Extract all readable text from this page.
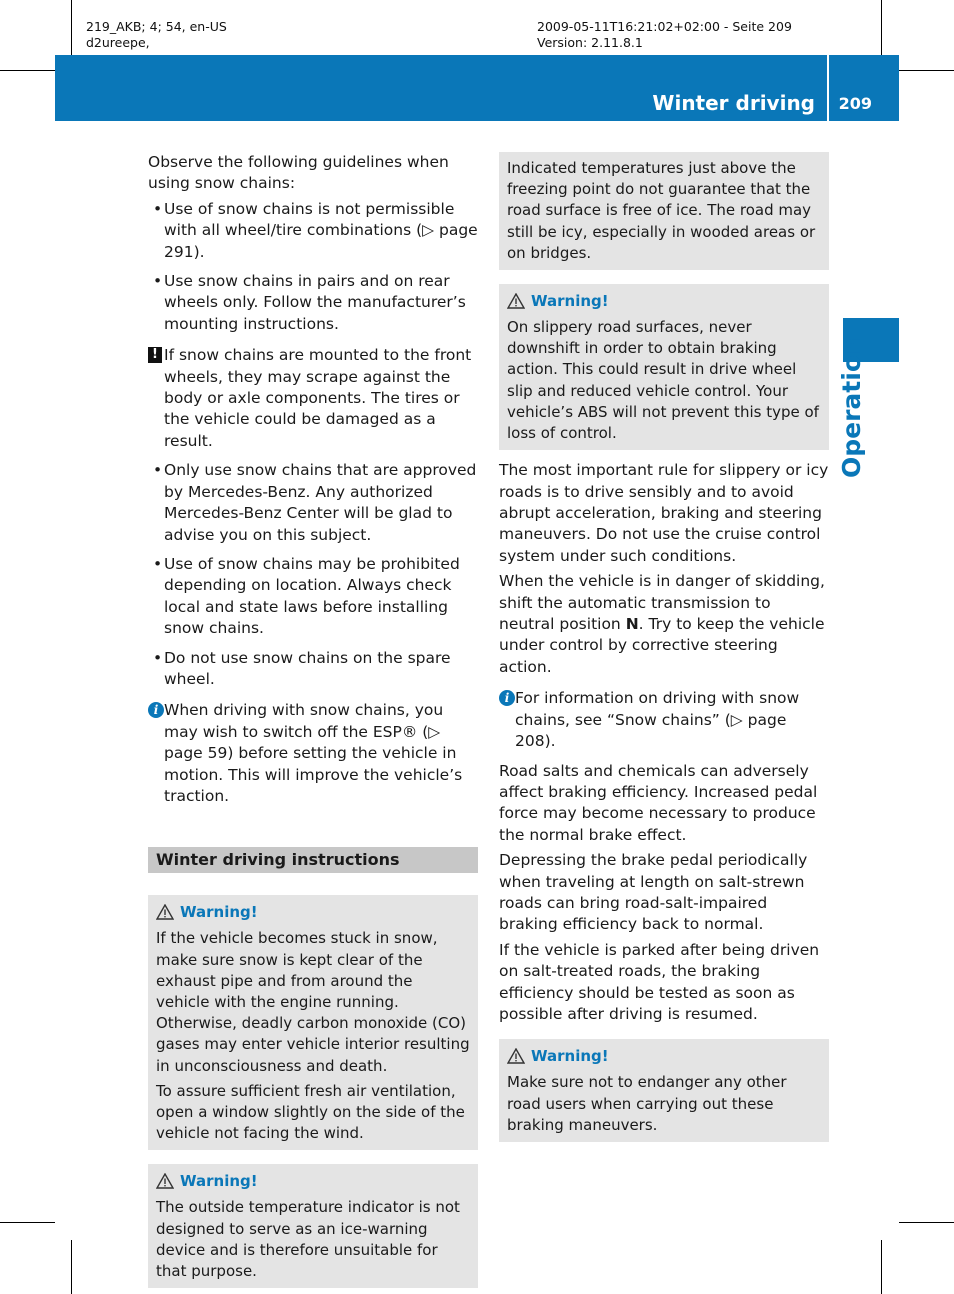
219_AKB; 4; 54, en-US
d2ureepe,
2009-05-11T16:21:02+02:00 - Seite 209
Version: 2.11.8.1
Winter driving 209
Operation

Observe the following guidelines when using snow chains:

• Use of snow chains is not permissible with all wheel/tire combinations (▷ page 291).
• Use snow chains in pairs and on rear wheels only. Follow the manufacturer’s mounting instructions.
! If snow chains are mounted to the front wheels, they may scrape against the body or axle components. The tires or the vehicle could be damaged as a result.
• Only use snow chains that are approved by Mercedes-Benz. Any authorized Mercedes-Benz Center will be glad to advise you on this subject.
• Use of snow chains may be prohibited depending on location. Always check local and state laws before installing snow chains.
• Do not use snow chains on the spare wheel.
i When driving with snow chains, you may wish to switch off the ESP® (▷ page 59) before setting the vehicle in motion. This will improve the vehicle’s traction.
Winter driving instructions
Warning!

If the vehicle becomes stuck in snow, make sure snow is kept clear of the exhaust pipe and from around the vehicle with the engine running. Otherwise, deadly carbon monoxide (CO) gases may enter vehicle interior resulting in unconsciousness and death.

To assure sufficient fresh air ventilation, open a window slightly on the side of the vehicle not facing the wind.

Warning!

The outside temperature indicator is not designed to serve as an ice-warning device and is therefore unsuitable for that purpose.

Indicated temperatures just above the freezing point do not guarantee that the road surface is free of ice. The road may still be icy, especially in wooded areas or on bridges.

Warning!

On slippery road surfaces, never downshift in order to obtain braking action. This could result in drive wheel slip and reduced vehicle control. Your vehicle’s ABS will not prevent this type of loss of control.

The most important rule for slippery or icy roads is to drive sensibly and to avoid abrupt acceleration, braking and steering maneuvers. Do not use the cruise control system under such conditions.

When the vehicle is in danger of skidding, shift the automatic transmission to neutral position N. Try to keep the vehicle under control by corrective steering action.

i For information on driving with snow chains, see “Snow chains” (▷ page 208).

Road salts and chemicals can adversely affect braking efficiency. Increased pedal force may become necessary to produce the normal brake effect.

Depressing the brake pedal periodically when traveling at length on salt-strewn roads can bring road-salt-impaired braking efficiency back to normal.

If the vehicle is parked after being driven on salt-treated roads, the braking efficiency should be tested as soon as possible after driving is resumed.

Warning!

Make sure not to endanger any other road users when carrying out these braking maneuvers.
